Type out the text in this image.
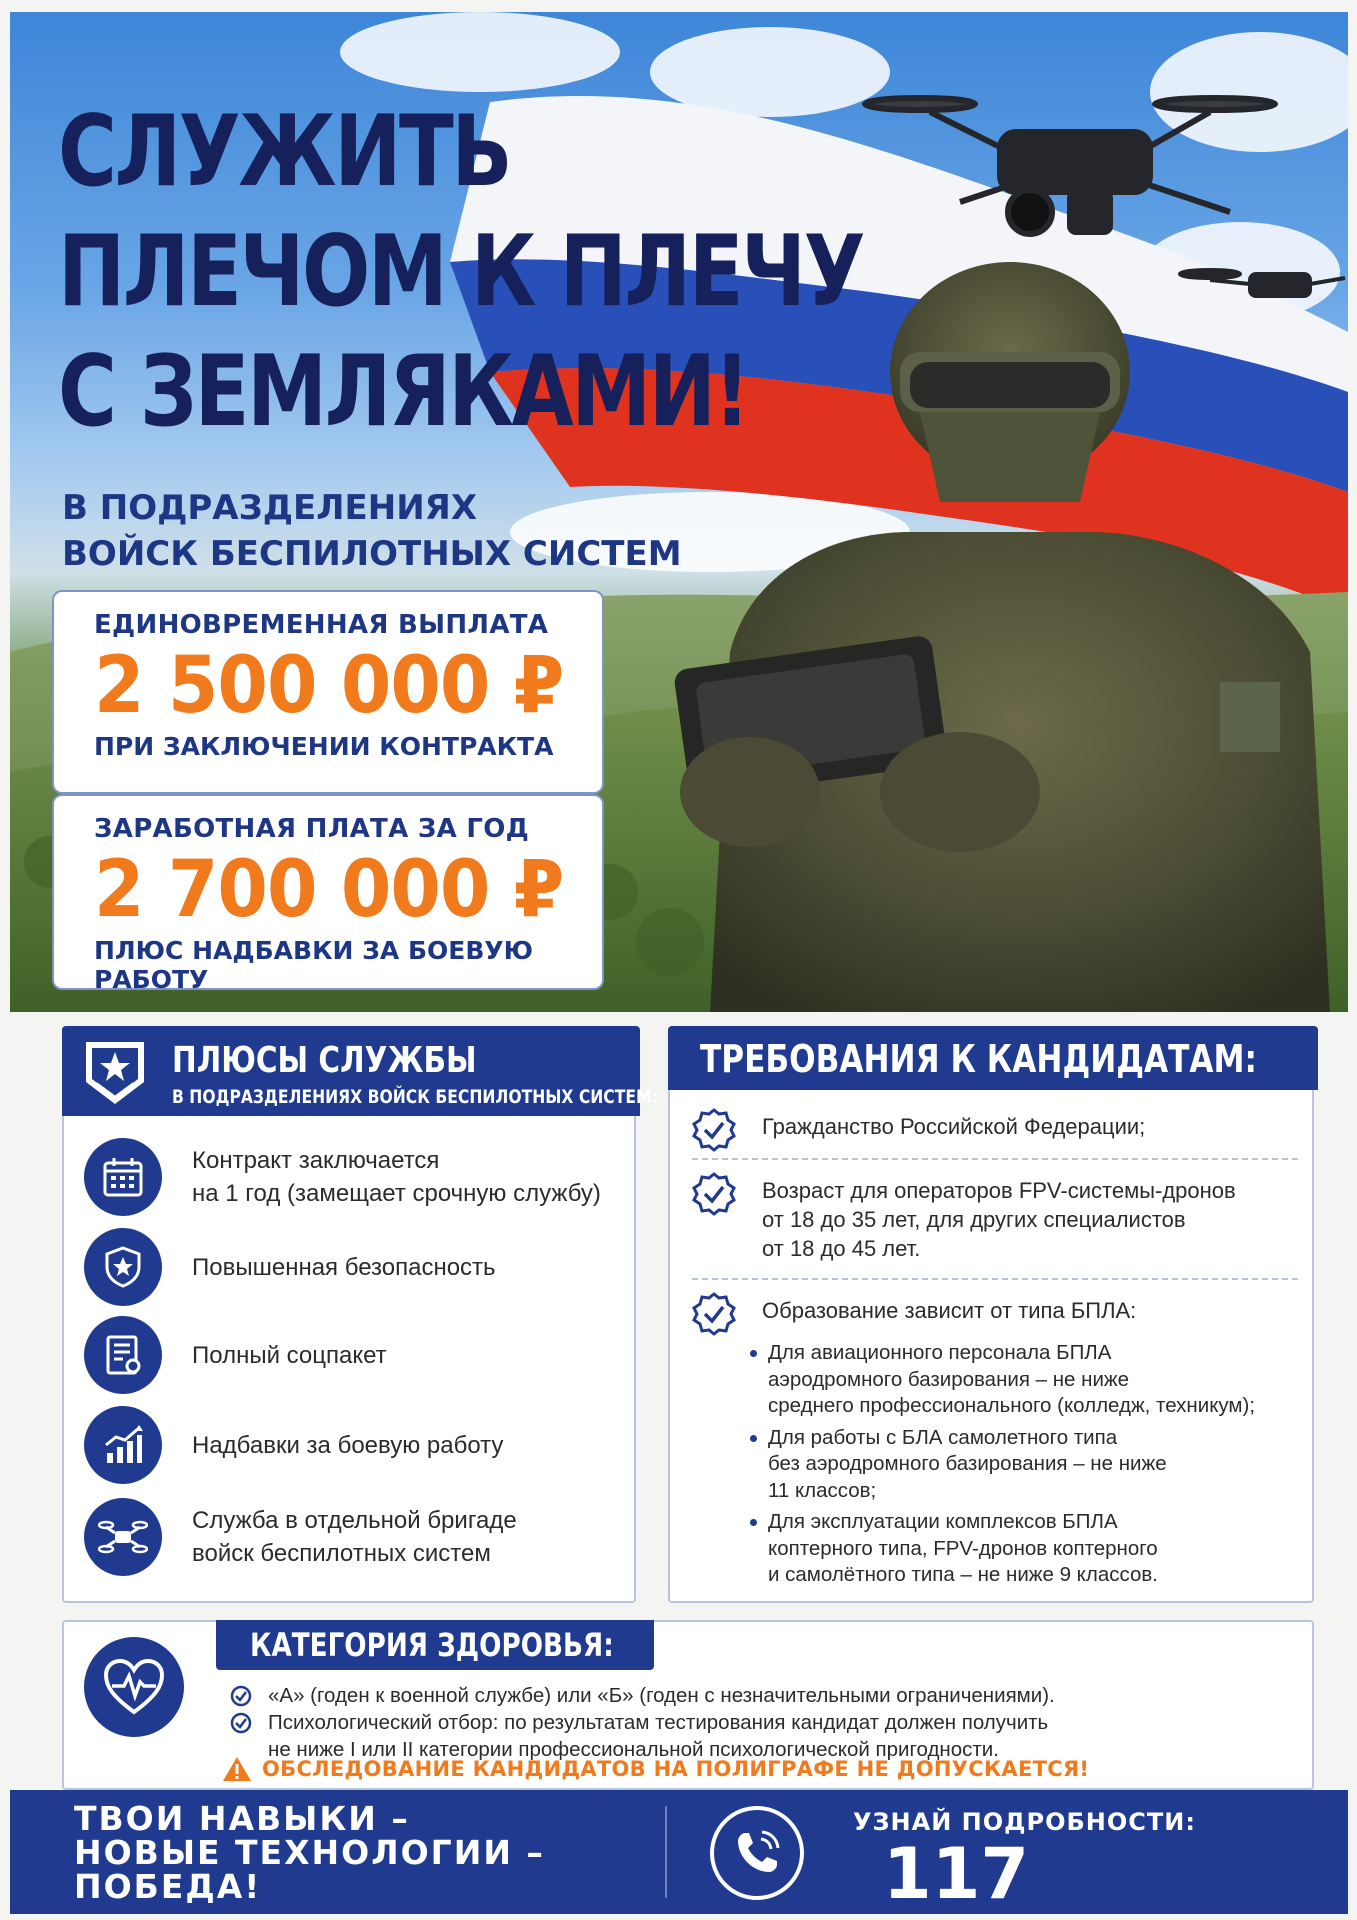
СЛУЖИТЬ
ПЛЕЧОМ К ПЛЕЧУ
С ЗЕМЛЯКАМИ!
В ПОДРАЗДЕЛЕНИЯХ
ВОЙСК БЕСПИЛОТНЫХ СИСТЕМ
ЕДИНОВРЕМЕННАЯ ВЫПЛАТА
2 500 000 ₽
ПРИ ЗАКЛЮЧЕНИИ КОНТРАКТА
ЗАРАБОТНАЯ ПЛАТА ЗА ГОД
2 700 000 ₽
ПЛЮС НАДБАВКИ ЗА БОЕВУЮ РАБОТУ
ПЛЮСЫ СЛУЖБЫ
В ПОДРАЗДЕЛЕНИЯХ ВОЙСК БЕСПИЛОТНЫХ СИСТЕМ:
Контракт заключается
на 1 год (замещает срочную службу)
Повышенная безопасность
Полный соцпакет
Надбавки за боевую работу
Служба в отдельной бригаде
войск беспилотных систем
ТРЕБОВАНИЯ К КАНДИДАТАМ:
Гражданство Российской Федерации;
Возраст для операторов FPV-системы-дронов
от 18 до 35 лет, для других специалистов
от 18 до 45 лет.
Образование зависит от типа БПЛА:
Для авиационного персонала БПЛА
аэродромного базирования – не ниже
среднего профессионального (колледж, техникум);
Для работы с БЛА самолетного типа
без аэродромного базирования – не ниже
11 классов;
Для эксплуатации комплексов БПЛА
коптерного типа, FPV-дронов коптерного
и самолётного типа – не ниже 9 классов.
КАТЕГОРИЯ ЗДОРОВЬЯ:
«А» (годен к военной службе) или «Б» (годен с незначительными ограничениями).
Психологический отбор: по результатам тестирования кандидат должен получить
не ниже I или II категории профессиональной психологической пригодности.
ОБСЛЕДОВАНИЕ КАНДИДАТОВ НА ПОЛИГРАФЕ НЕ ДОПУСКАЕТСЯ!
ТВОИ НАВЫКИ –
НОВЫЕ ТЕХНОЛОГИИ –
ПОБЕДА!
УЗНАЙ ПОДРОБНОСТИ:
117
